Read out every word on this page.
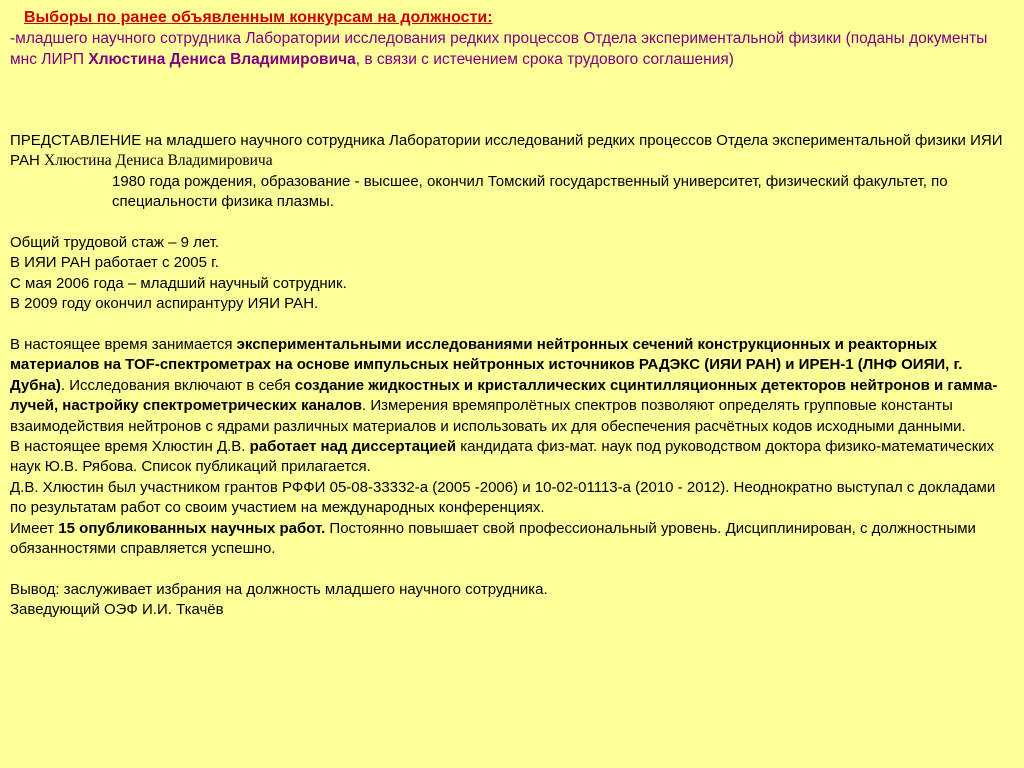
Выборы по ранее объявленным конкурсам на должности:

-младшего научного сотрудника Лаборатории исследования редких процессов Отдела экспериментальной физики (поданы документы мнс ЛИРП Хлюстина Дениса Владимировича, в связи с истечением срока трудового соглашения)

ПРЕДСТАВЛЕНИЕ на младшего научного сотрудника Лаборатории исследований редких процессов Отдела экспериментальной физики ИЯИ РАН Хлюстина Дениса Владимировича

1980 года рождения, образование - высшее, окончил Томский государственный университет, физический факультет, по специальности физика плазмы.

Общий трудовой стаж – 9 лет.

В ИЯИ РАН работает с 2005 г.

С мая 2006 года – младший научный сотрудник.

В 2009 году окончил аспирантуру ИЯИ РАН.

В настоящее время занимается экспериментальными исследованиями нейтронных сечений конструкционных и реакторных материалов на TOF-спектрометрах на основе импульсных нейтронных источников РАДЭКС (ИЯИ РАН) и ИРЕН-1 (ЛНФ ОИЯИ, г. Дубна). Исследования включают в себя создание жидкостных и кристаллических сцинтилляционных детекторов нейтронов и гамма-лучей, настройку спектрометрических каналов. Измерения времяпролётных спектров позволяют определять групповые константы взаимодействия нейтронов с ядрами различных материалов и использовать их для обеспечения расчётных кодов исходными данными.

В настоящее время Хлюстин Д.В. работает над диссертацией кандидата физ-мат. наук под руководством доктора физико-математических наук Ю.В. Рябова. Список публикаций прилагается.

Д.В. Хлюстин был участником грантов РФФИ 05-08-33332-а (2005 -2006) и 10-02-01113-а (2010 - 2012). Неоднократно выступал с докладами по результатам работ со своим участием на международных конференциях.

Имеет 15 опубликованных научных работ. Постоянно повышает свой профессиональный уровень. Дисциплинирован, с должностными обязанностями справляется успешно.

Вывод: заслуживает избрания на должность младшего научного сотрудника.

Заведующий ОЭФ И.И. Ткачёв
